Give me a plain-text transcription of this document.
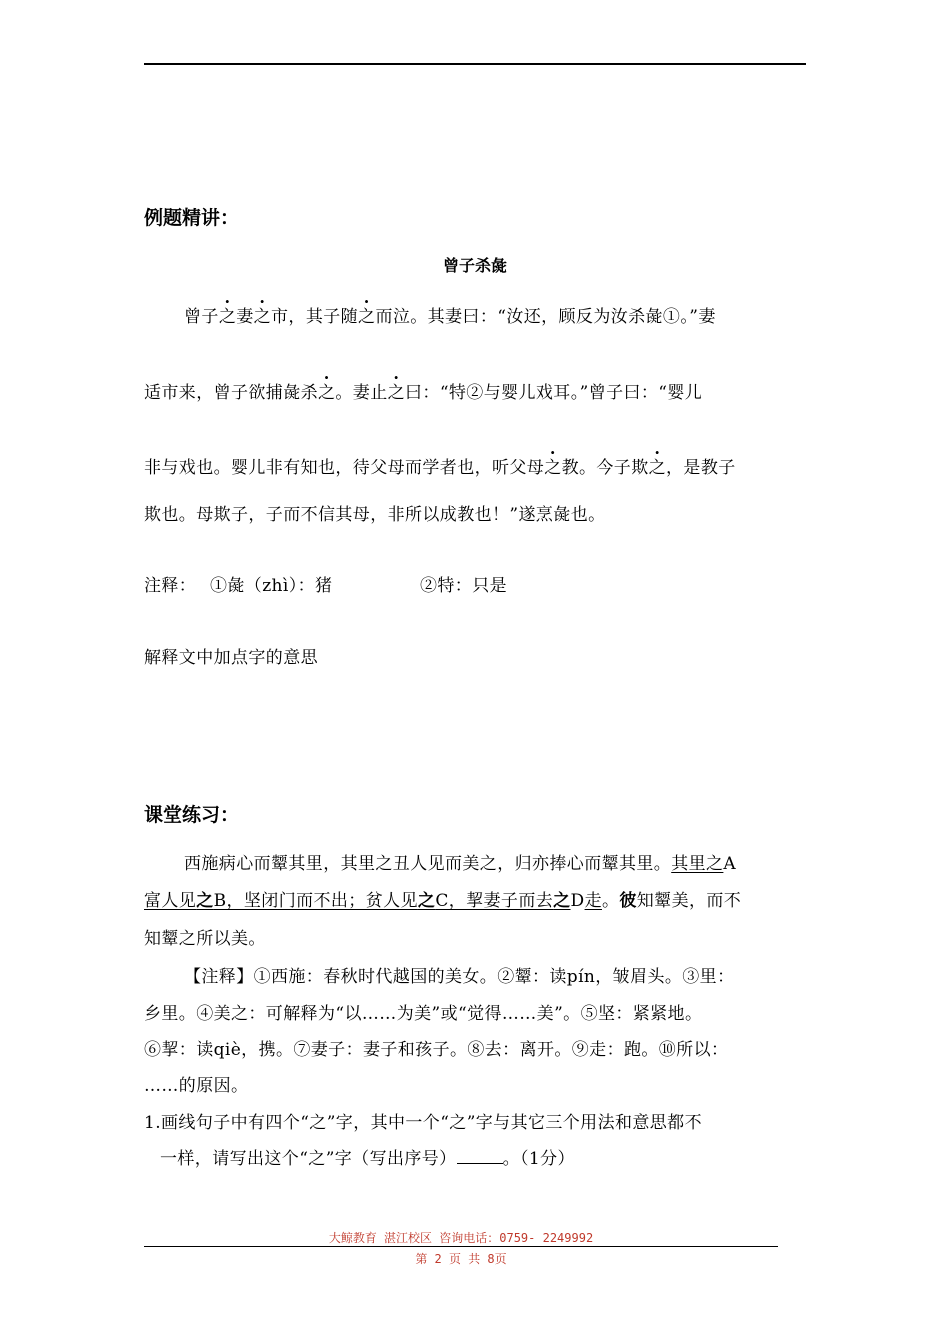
例题精讲：
曾子杀彘
曾子之妻之市，其子随之而泣。其妻曰：“汝还，顾反为汝杀彘①。”妻
适市来，曾子欲捕彘杀之。妻止之曰：“特②与婴儿戏耳。”曾子曰：“婴儿
非与戏也。婴儿非有知也，待父母而学者也，听父母之教。今子欺之，是教子
欺也。母欺子，子而不信其母，非所以成教也！”遂烹彘也。
注释： ①彘（zhì）：猪	②特：只是
解释文中加点字的意思
课堂练习：
西施病心而颦其里，其里之丑人见而美之，归亦捧心而颦其里。其里之A
富人见之B，坚闭门而不出；贫人见之C，挈妻子而去之D走。彼知颦美，而不
知颦之所以美。
【注释】①西施：春秋时代越国的美女。②颦：读pín，皱眉头。③里：
乡里。④美之：可解释为“以……为美”或“觉得……美”。⑤坚：紧紧地。
⑥挈：读qiè，携。⑦妻子：妻子和孩子。⑧去：离开。⑨走：跑。⑩所以：
……的原因。
1.画线句子中有四个“之”字，其中一个“之”字与其它三个用法和意思都不
一样，请写出这个“之”字（写出序号）	。（1分）
大鲸教育 湛江校区 咨询电话：0759- 2249992
第 2 页 共 8页
